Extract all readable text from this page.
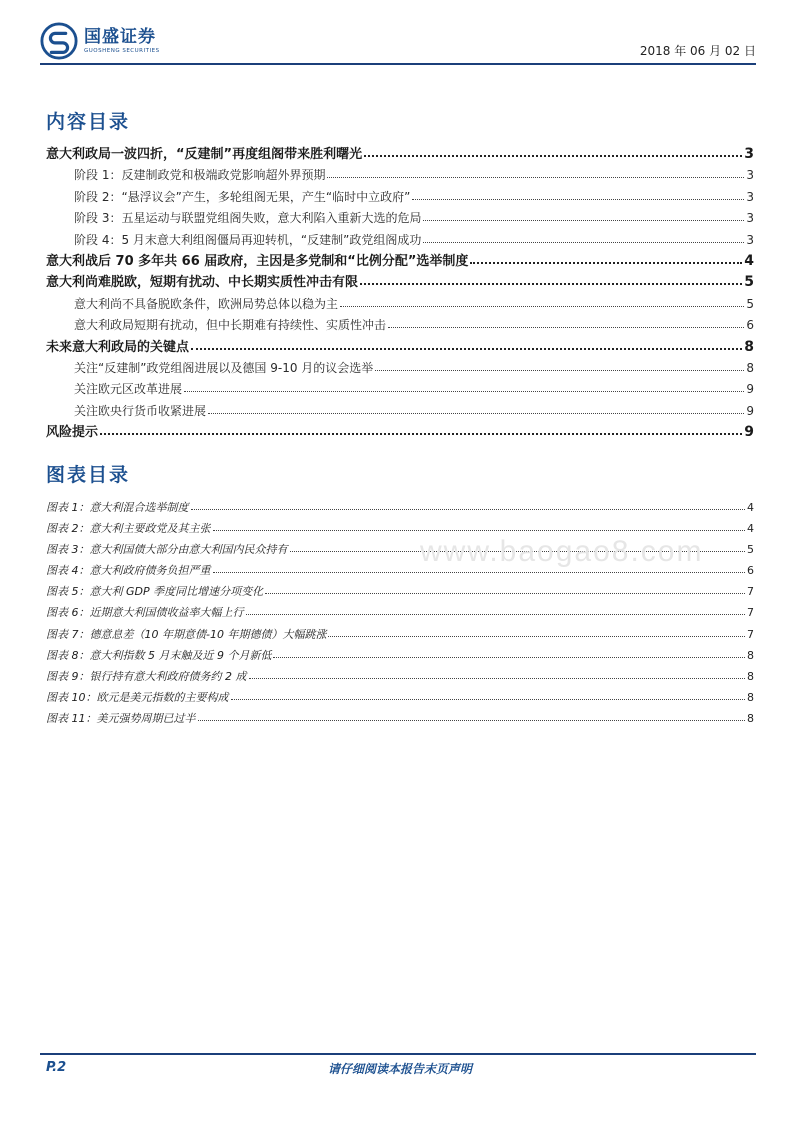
国盛证券
GUOSHENG SECURITIES	2018 年 06 月 02 日
内容目录
意大利政局一波四折，“反建制”再度组阁带来胜利曙光	3
阶段 1：反建制政党和极端政党影响超外界预期	3
阶段 2：“悬浮议会”产生，多轮组阁无果，产生“临时中立政府”	3
阶段 3：五星运动与联盟党组阁失败，意大利陷入重新大选的危局	3
阶段 4：5 月末意大利组阁僵局再迎转机，“反建制”政党组阁成功	3
意大利战后 70 多年共 66 届政府，主因是多党制和“比例分配”选举制度	4
意大利尚难脱欧，短期有扰动、中长期实质性冲击有限	5
意大利尚不具备脱欧条件，欧洲局势总体以稳为主	5
意大利政局短期有扰动，但中长期难有持续性、实质性冲击	6
未来意大利政局的关键点	8
关注“反建制”政党组阁进展以及德国 9-10 月的议会选举	8
关注欧元区改革进展	9
关注欧央行货币收紧进展	9
风险提示	9
图表目录
图表 1：意大利混合选举制度	4
图表 2：意大利主要政党及其主张	4
图表 3：意大利国债大部分由意大利国内民众持有	5
图表 4：意大利政府债务负担严重	6
图表 5：意大利 GDP 季度同比增速分项变化	7
图表 6：近期意大利国债收益率大幅上行	7
图表 7：德意息差（10 年期意债-10 年期德债）大幅跳涨	7
图表 8：意大利指数 5 月末触及近 9 个月新低	8
图表 9：银行持有意大利政府债务约 2 成	8
图表 10：欧元是美元指数的主要构成	8
图表 11：美元强势周期已过半	8
www.baogao8.com
请仔细阅读本报告末页声明
P.2
